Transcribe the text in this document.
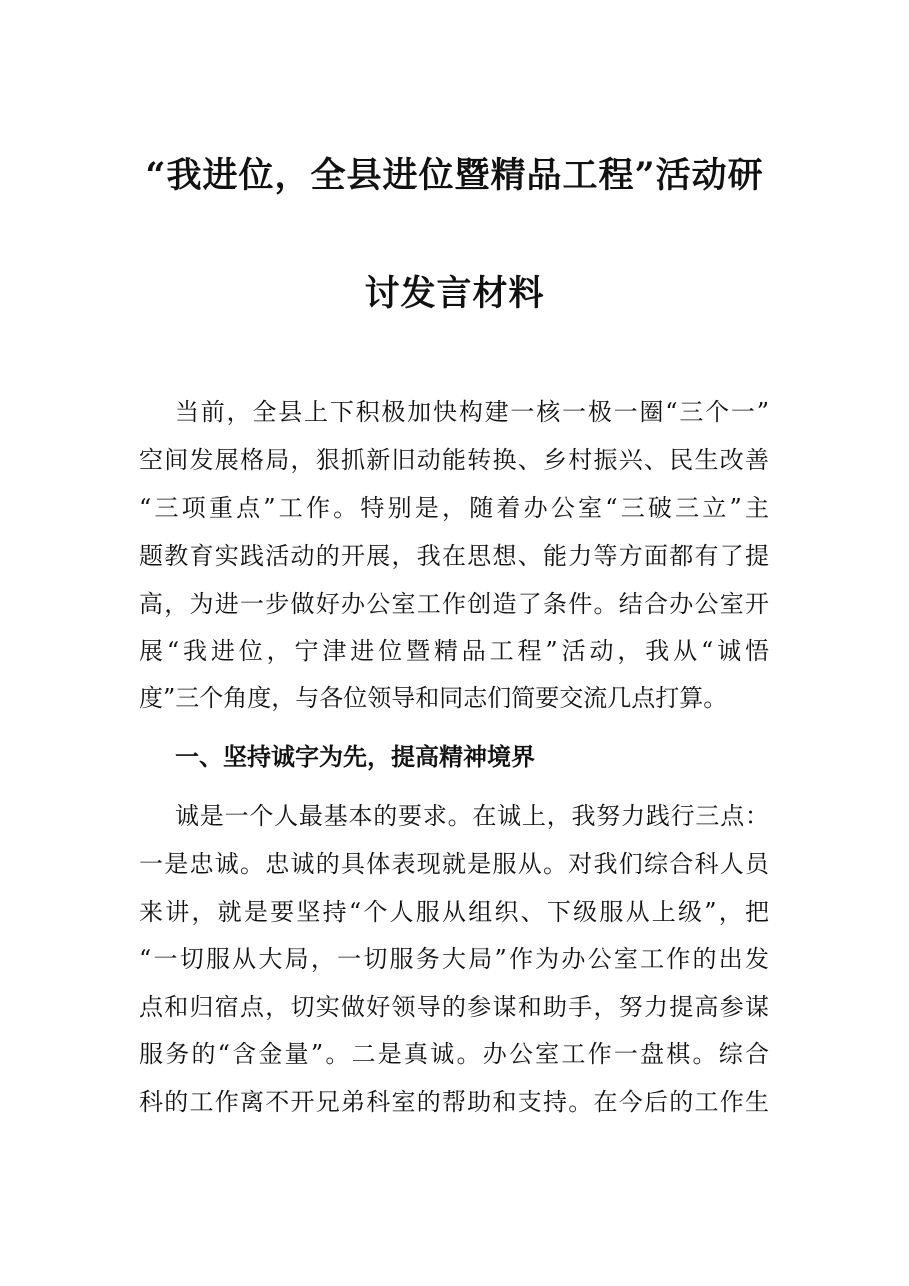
“我进位，全县进位暨精品工程”活动研
讨发言材料
当前，全县上下积极加快构建一核一极一圈“三个一”
空间发展格局，狠抓新旧动能转换、乡村振兴、民生改善
“三项重点”工作。特别是，随着办公室“三破三立”主
题教育实践活动的开展，我在思想、能力等方面都有了提
高，为进一步做好办公室工作创造了条件。结合办公室开
展“我进位，宁津进位暨精品工程”活动，我从“诚悟
度”三个角度，与各位领导和同志们简要交流几点打算。
一、坚持诚字为先，提高精神境界
诚是一个人最基本的要求。在诚上，我努力践行三点：
一是忠诚。忠诚的具体表现就是服从。对我们综合科人员
来讲，就是要坚持“个人服从组织、下级服从上级”，把
“一切服从大局，一切服务大局”作为办公室工作的出发
点和归宿点，切实做好领导的参谋和助手，努力提高参谋
服务的“含金量”。二是真诚。办公室工作一盘棋。综合
科的工作离不开兄弟科室的帮助和支持。在今后的工作生
